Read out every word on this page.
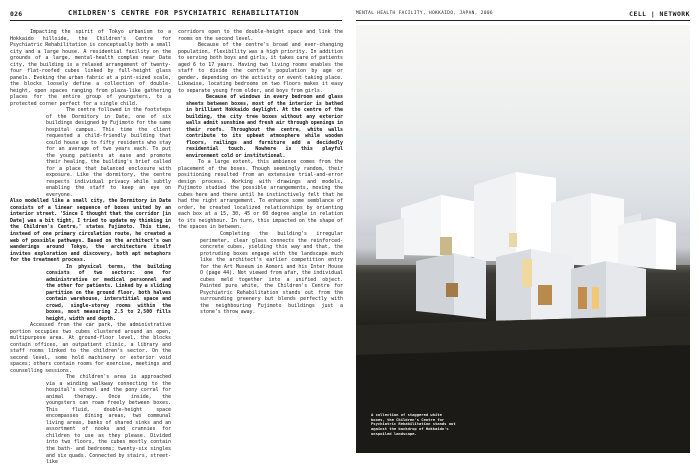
026	CHILDREN'S CENTRE FOR PSYCHIATRIC REHABILITATION	MENTAL HEALTH FACILITY, HOKKAIDO, JAPAN, 2006	CELL | NETWORK

Impacting the spirit of Tokyo urbanism to a Hokkaido hillside, the Children's Centre for Psychiatric Rehabilitation is conceptually both a small city and a large house. A residential facility on the grounds of a large, mental-health complex near Date city, the building is a relaxed arrangement of twenty-four flat-roofed cubes linked by full-height glass panels. Evoking the urban fabric at a pint-sized scale, the blocks loosely define a collection of double-height, open spaces ranging from plaza-like gathering places for the entire group of youngsters, to a protected corner perfect for a single child.

The centre followed in the footsteps of the Dormitory in Date, one of six buildings designed by Fujimoto for the same hospital campus. This time the client requested a child-friendly building that could house up to fifty residents who stay for an average of two years each. To put the young patients at ease and promote their healing, the building's brief called for a place that balanced enclosure with exposure. Like the dormitory, the centre respects individual privacy while subtly enabling the staff to keep an eye on everyone.

Also modelled like a small city, the Dormitory in Date consists of a linear sequence of boxes united by an interior street. 'Since I thought that the corridor [in Date] was a bit tight, I tried to update my thinking in the Children's Centre,' states Fujimoto. This time, instead of one primary circulation route, he created a web of possible pathways. Based on the architect's own wanderings around Tokyo, the architecture itself invites exploration and discovery, both apt metaphors for the treatment process.

In physical terms, the building consists of two sectors: one for administrative or medical personnel and the other for patients. Linked by a sliding partition on the ground floor, both halves contain warehouse, interstitial space and crowd, single-storey rooms within the boxes, most measuring 2.5 to 2,500 fills height, width and depth.

Accessed from the car park, the administrative portion occupies two cubes clustered around an open, multipurpose area. At ground-floor level, the blocks contain offices, an outpatient clinic, a library and staff rooms linked to the children's sector. On the second level, some hold machinery or exterior void spaces; others contain rooms for exercise, meetings and counselling sessions.

The children's area is approached via a winding walkway connecting to the hospital's school and the pony corral for animal therapy. Once inside, the youngsters can roam freely between boxes. This fluid, double-height space encompasses dining areas, two communal living areas, banks of shared sinks and an assortment of nooks and crannies for children to use as they please. Divided into two floors, the cubes mostly contain the bath- and bedrooms; twenty-six singles and six quads. Connected by stairs, street-like

corridors open to the double-height space and link the rooms on the second level.

Because of the centre's broad and ever-changing population, flexibility was a high priority. In addition to serving both boys and girls, it takes care of patients aged 6 to 17 years. Having two living rooms enables the staff to divide the centre's population by age or gender, depending on the activity or event taking place. Likewise, locating bedrooms on two floors makes it easy to separate young from older, and boys from girls.

Because of windows in every bedroom and glass sheets between boxes, most of the interior is bathed in brilliant Hokkaido daylight. At the centre of the building, the city tree boxes without any exterior walls admit sunshine and fresh air through openings in their roofs. Throughout the centre, white walls contribute to its upbeat atmosphere while wooden floors, railings and furniture add a decidedly residential touch. Nowhere is this playful environment cold or institutional.

To a large extent, this ambience comes from the placement of the boxes. Though seemingly random, their positioning resulted from an extensive trial-and-error design process. Working with drawings and models, Fujimoto studied the possible arrangements, moving the cubes here and there until he instinctively felt that he had the right arrangement. To enhance some semblance of order, he created localized relationships by orienting each box at a 15, 30, 45 or 60 degree angle in relation to its neighbour. In turn, this impacted on the shape of the spaces in between.

Completing the building's irregular perimeter, clear glass connects the reinforced-concrete cubes, yielding this way and that, the protruding boxes engage with the landscape much like the architect's earlier competition entry for the Art Museum in Aomori and his Inter House O (page 44). Not viewed from afar, the individual cubes meld together into a unified object. Painted pure white, the Children's Centre for Psychiatric Rehabilitation stands out from the surrounding greenery but blends perfectly with the neighbouring Fujimoto buildings just a stone's throw away.

A collection of staggered white boxes, the Children's Centre for Psychiatric Rehabilitation stands out against the backdrop of Hokkaido's unspoiled landscape.
